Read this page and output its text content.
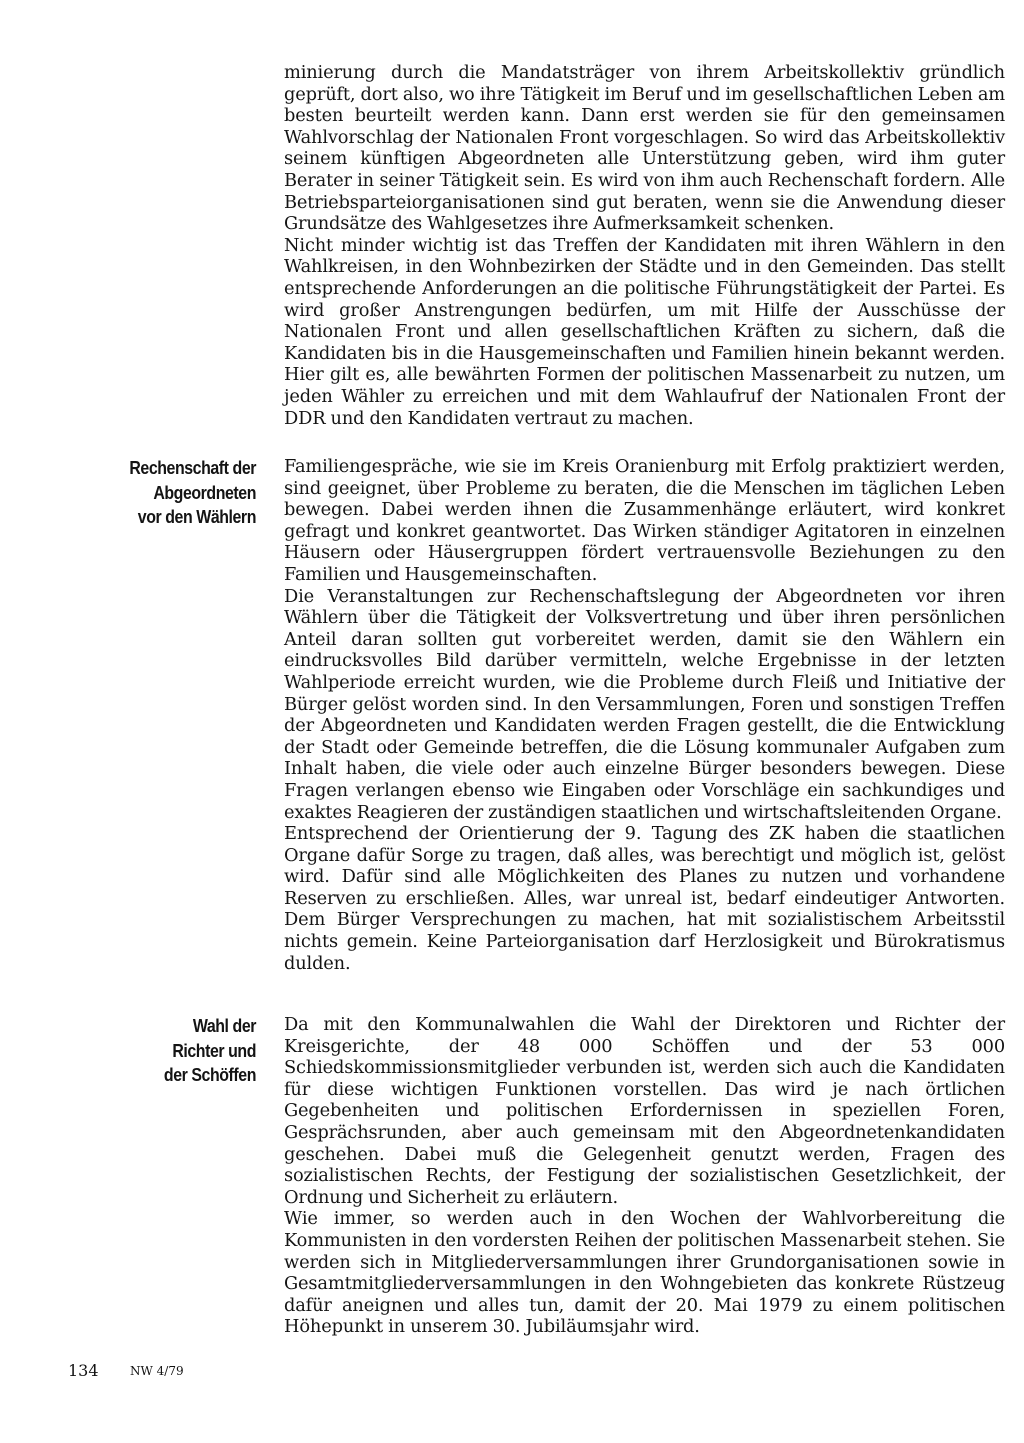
minierung durch die Mandatsträger von ihrem Arbeitskollektiv gründlich geprüft, dort also, wo ihre Tätigkeit im Beruf und im gesellschaftlichen Leben am besten beurteilt werden kann. Dann erst werden sie für den gemeinsamen Wahlvorschlag der Nationalen Front vorgeschlagen. So wird das Arbeitskollektiv seinem künftigen Abgeordneten alle Unterstützung geben, wird ihm guter Berater in seiner Tätigkeit sein. Es wird von ihm auch Rechenschaft fordern. Alle Betriebsparteiorganisationen sind gut beraten, wenn sie die Anwendung dieser Grundsätze des Wahlgesetzes ihre Aufmerksamkeit schenken.

Nicht minder wichtig ist das Treffen der Kandidaten mit ihren Wählern in den Wahlkreisen, in den Wohnbezirken der Städte und in den Gemeinden. Das stellt entsprechende Anforderungen an die politische Führungstätigkeit der Partei. Es wird großer Anstrengungen bedürfen, um mit Hilfe der Ausschüsse der Nationalen Front und allen gesellschaftlichen Kräften zu sichern, daß die Kandidaten bis in die Hausgemeinschaften und Familien hinein bekannt werden. Hier gilt es, alle bewährten Formen der politischen Massenarbeit zu nutzen, um jeden Wähler zu erreichen und mit dem Wahlaufruf der Nationalen Front der DDR und den Kandidaten vertraut zu machen.

Rechenschaft der
Abgeordneten
vor den Wählern

Familiengespräche, wie sie im Kreis Oranienburg mit Erfolg praktiziert werden, sind geeignet, über Probleme zu beraten, die die Menschen im täglichen Leben bewegen. Dabei werden ihnen die Zusammenhänge erläutert, wird konkret gefragt und konkret geantwortet. Das Wirken ständiger Agitatoren in einzelnen Häusern oder Häusergruppen fördert vertrauensvolle Beziehungen zu den Familien und Hausgemeinschaften.

Die Veranstaltungen zur Rechenschaftslegung der Abgeordneten vor ihren Wählern über die Tätigkeit der Volksvertretung und über ihren persönlichen Anteil daran sollten gut vorbereitet werden, damit sie den Wählern ein eindrucksvolles Bild darüber vermitteln, welche Ergebnisse in der letzten Wahlperiode erreicht wurden, wie die Probleme durch Fleiß und Initiative der Bürger gelöst worden sind. In den Versammlungen, Foren und sonstigen Treffen der Abgeordneten und Kandidaten werden Fragen gestellt, die die Entwicklung der Stadt oder Gemeinde betreffen, die die Lösung kommunaler Aufgaben zum Inhalt haben, die viele oder auch einzelne Bürger besonders bewegen. Diese Fragen verlangen ebenso wie Eingaben oder Vorschläge ein sachkundiges und exaktes Reagieren der zuständigen staatlichen und wirtschaftsleitenden Organe.

Entsprechend der Orientierung der 9. Tagung des ZK haben die staatlichen Organe dafür Sorge zu tragen, daß alles, was berechtigt und möglich ist, gelöst wird. Dafür sind alle Möglichkeiten des Planes zu nutzen und vorhandene Reserven zu erschließen. Alles, war unreal ist, bedarf eindeutiger Antworten. Dem Bürger Versprechungen zu machen, hat mit sozialistischem Arbeitsstil nichts gemein. Keine Parteiorganisation darf Herzlosigkeit und Bürokratismus dulden.

Wahl der
Richter und
der Schöffen

Da mit den Kommunalwahlen die Wahl der Direktoren und Richter der Kreisgerichte, der 48 000 Schöffen und der 53 000 Schiedskommissionsmitglieder verbunden ist, werden sich auch die Kandidaten für diese wichtigen Funktionen vorstellen. Das wird je nach örtlichen Gegebenheiten und politischen Erfordernissen in speziellen Foren, Gesprächsrunden, aber auch gemeinsam mit den Abgeordnetenkandidaten geschehen. Dabei muß die Gelegenheit genutzt werden, Fragen des sozialistischen Rechts, der Festigung der sozialistischen Gesetzlichkeit, der Ordnung und Sicherheit zu erläutern.

Wie immer, so werden auch in den Wochen der Wahlvorbereitung die Kommunisten in den vordersten Reihen der politischen Massenarbeit stehen. Sie werden sich in Mitgliederversammlungen ihrer Grundorganisationen sowie in Gesamtmitgliederversammlungen in den Wohngebieten das konkrete Rüstzeug dafür aneignen und alles tun, damit der 20. Mai 1979 zu einem politischen Höhepunkt in unserem 30. Jubiläumsjahr wird.

134	NW 4/79
